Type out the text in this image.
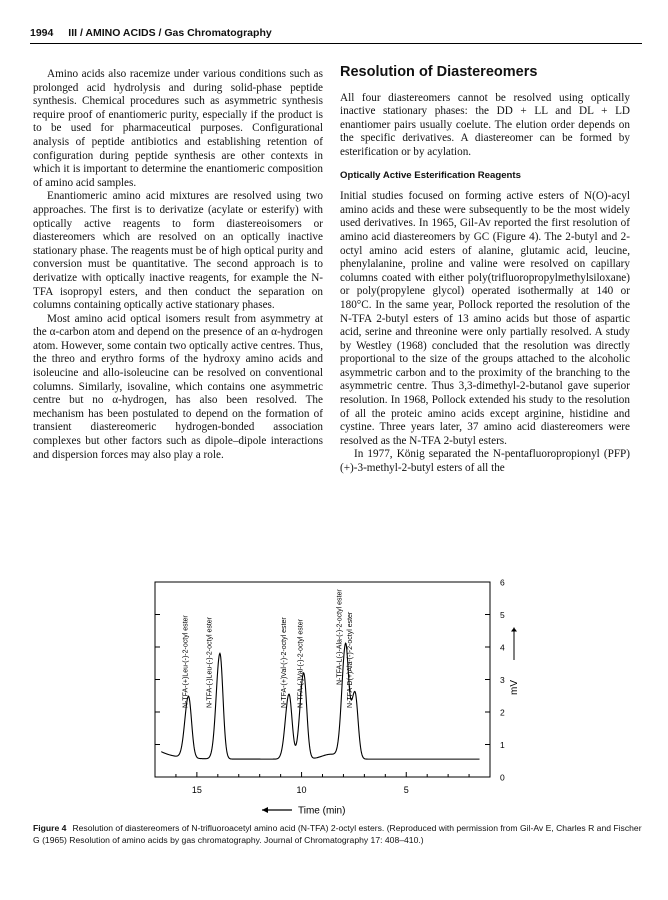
1994 III / AMINO ACIDS / Gas Chromatography

Amino acids also racemize under various conditions such as prolonged acid hydrolysis and during solid-phase peptide synthesis. Chemical procedures such as asymmetric synthesis require proof of enantiomeric purity, especially if the product is to be used for pharmaceutical purposes. Configurational analysis of peptide antibiotics and establishing retention of configuration during peptide synthesis are other contexts in which it is important to determine the enantiomeric composition of amino acid samples.

Enantiomeric amino acid mixtures are resolved using two approaches. The first is to derivatize (acylate or esterify) with optically active reagents to form diastereoisomers or diastereomers which are resolved on an optically inactive stationary phase. The reagents must be of high optical purity and conversion must be quantitative. The second approach is to derivatize with optically inactive reagents, for example the N-TFA isopropyl esters, and then conduct the separation on columns containing optically active stationary phases.

Most amino acid optical isomers result from asymmetry at the α-carbon atom and depend on the presence of an α-hydrogen atom. However, some contain two optically active centres. Thus, the threo and erythro forms of the hydroxy amino acids and isoleucine and allo-isoleucine can be resolved on conventional columns. Similarly, isovaline, which contains one asymmetric centre but no α-hydrogen, has also been resolved. The mechanism has been postulated to depend on the formation of transient diastereomeric hydrogen-bonded association complexes but other factors such as dipole–dipole interactions and dispersion forces may also play a role.

Resolution of Diastereomers

All four diastereomers cannot be resolved using optically inactive stationary phases: the DD + LL and DL + LD enantiomer pairs usually coelute. The elution order depends on the specific derivatives. A diastereomer can be formed by esterification or by acylation.

Optically Active Esterification Reagents

Initial studies focused on forming active esters of N(O)-acyl amino acids and these were subsequently to be the most widely used derivatives. In 1965, Gil-Av reported the first resolution of amino acid diastereomers by GC (Figure 4). The 2-butyl and 2-octyl amino acid esters of alanine, glutamic acid, leucine, phenylalanine, proline and valine were resolved on capillary columns coated with either poly(trifluoropropylmethylsiloxane) or poly(propylene glycol) operated isothermally at 140 or 180°C. In the same year, Pollock reported the resolution of the N-TFA 2-butyl esters of 13 amino acids but those of aspartic acid, serine and threonine were only partially resolved. A study by Westley (1968) concluded that the resolution was directly proportional to the size of the groups attached to the alcoholic asymmetric carbon and to the proximity of the branching to the asymmetric centre. Thus 3,3-dimethyl-2-butanol gave superior resolution. In 1968, Pollock extended his study to the resolution of all the proteic amino acids except arginine, histidine and cystine. Three years later, 37 amino acid diastereomers were resolved as the N-TFA 2-butyl esters.

In 1977, König separated the N-pentafluoropropionyl (PFP) (+)-3-methyl-2-butyl esters of all the

0
1
2
3
4
5
6
mV
15	10	5
Time (min)
N-TFA-(+)Leu-(-)-2-octyl ester N-TFA-(-)Leu-(-)-2-octyl ester	N-TFA-(+)Val-(-)-2-octyl ester N-TFA-(-)Val-(-)-2-octyl ester	N-TFA-L(-)-Ala-(-)-2-octyl ester N-TFA-D(+)Ala-(-)-2-octyl ester
Figure 4 Resolution of diastereomers of N-trifluoroacetyl amino acid (N-TFA) 2-octyl esters. (Reproduced with permission from Gil-Av E, Charles R and Fischer G (1965) Resolution of amino acids by gas chromatography. Journal of Chromatography 17: 408–410.)
